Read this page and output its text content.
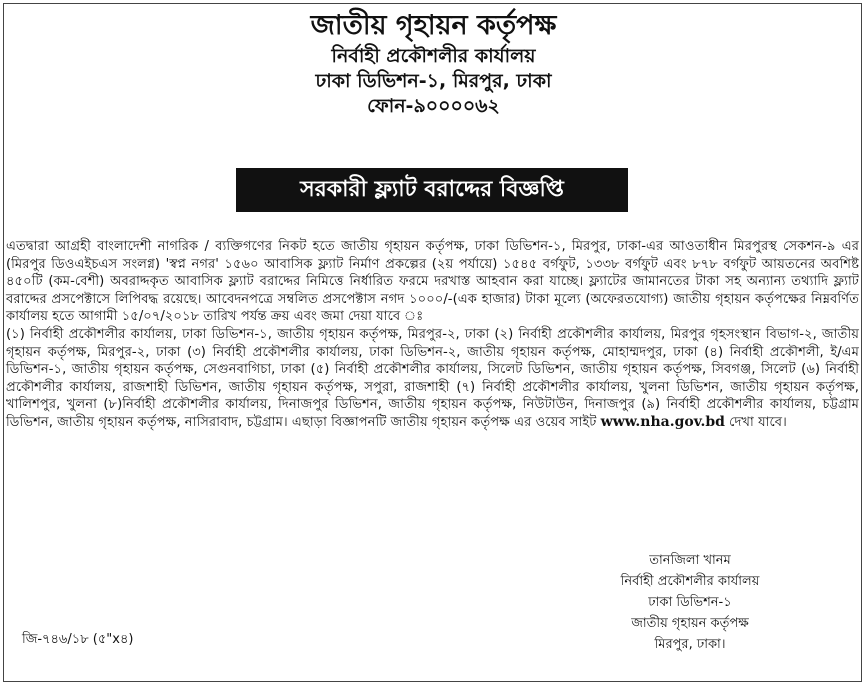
জাতীয় গৃহায়ন কর্তৃপক্ষ
নির্বাহী প্রকৌশলীর কার্যালয়
ঢাকা ডিভিশন-১, মিরপুর, ঢাকা
ফোন-৯০০০০৬২
সরকারী ফ্ল্যাট বরাদ্দের বিজ্ঞপ্তি

এতদ্বারা আগ্রহী বাংলাদেশী নাগরিক / ব্যক্তিগণের নিকট হতে জাতীয় গৃহায়ন কর্তৃপক্ষ, ঢাকা ডিভিশন-১, মিরপুর, ঢাকা-এর আওতাধীন মিরপুরস্থ সেকশন-৯ এর (মিরপুর ডিওএইচএস সংলগ্ন) 'স্বপ্ন নগর' ১৫৬০ আবাসিক ফ্ল্যাট নির্মাণ প্রকল্পের (২য় পর্যায়ে) ১৫৪৫ বর্গফুট, ১৩৩৮ বর্গফুট এবং ৮৭৮ বর্গফুট আয়তনের অবশিষ্ট ৪৫০টি (কম-বেশী) অবরাদ্দকৃত আবাসিক ফ্ল্যাট বরাদ্দের নিমিত্তে নির্ধারিত ফরমে দরখাস্ত আহবান করা যাচ্ছে। ফ্ল্যাটের জামানতের টাকা সহ অন্যান্য তথ্যাদি ফ্ল্যাট বরাদ্দের প্রসপেক্টাসে লিপিবদ্ধ রয়েছে। আবেদনপত্রে সম্বলিত প্রসপেক্টাস নগদ ১০০০/-(এক হাজার) টাকা মূল্যে (অফেরতযোগ্য) জাতীয় গৃহায়ন কর্তৃপক্ষের নিম্নবর্ণিত কার্যালয় হতে আগামী ১৫/০৭/২০১৮ তারিখ পর্যন্ত ক্রয় এবং জমা দেয়া যাবে ঃ

(১) নির্বাহী প্রকৌশলীর কার্যালয়, ঢাকা ডিভিশন-১, জাতীয় গৃহায়ন কর্তৃপক্ষ, মিরপুর-২, ঢাকা (২) নির্বাহী প্রকৌশলীর কার্যালয়, মিরপুর গৃহসংস্থান বিভাগ-২, জাতীয় গৃহায়ন কর্তৃপক্ষ, মিরপুর-২, ঢাকা (৩) নির্বাহী প্রকৌশলীর কার্যালয়, ঢাকা ডিভিশন-২, জাতীয় গৃহায়ন কর্তৃপক্ষ, মোহাম্মদপুর, ঢাকা (৪) নির্বাহী প্রকৌশলী, ই/এম ডিভিশন-১, জাতীয় গৃহায়ন কর্তৃপক্ষ, সেগুনবাগিচা, ঢাকা (৫) নির্বাহী প্রকৌশলীর কার্যালয়, সিলেট ডিভিশন, জাতীয় গৃহায়ন কর্তৃপক্ষ, সিবগঞ্জ, সিলেট (৬) নির্বাহী প্রকৌশলীর কার্যালয়, রাজশাহী ডিভিশন, জাতীয় গৃহায়ন কর্তৃপক্ষ, সপুরা, রাজশাহী (৭) নির্বাহী প্রকৌশলীর কার্যালয়, খুলনা ডিভিশন, জাতীয় গৃহায়ন কর্তৃপক্ষ, খালিশপুর, খুলনা (৮)নির্বাহী প্রকৌশলীর কার্যালয়, দিনাজপুর ডিভিশন, জাতীয় গৃহায়ন কর্তৃপক্ষ, নিউটাউন, দিনাজপুর (৯) নির্বাহী প্রকৌশলীর কার্যালয়, চট্টগ্রাম ডিভিশন, জাতীয় গৃহায়ন কর্তৃপক্ষ, নাসিরাবাদ, চট্টগ্রাম। এছাড়া বিজ্ঞাপনটি জাতীয় গৃহায়ন কর্তৃপক্ষ এর ওয়েব সাইট www.nha.gov.bd দেখা যাবে।

তানজিলা খানম
নির্বাহী প্রকৌশলীর কার্যালয়
ঢাকা ডিভিশন-১
জাতীয় গৃহায়ন কর্তৃপক্ষ
মিরপুর, ঢাকা।
জি-৭৪৬/১৮ (৫"x৪)
